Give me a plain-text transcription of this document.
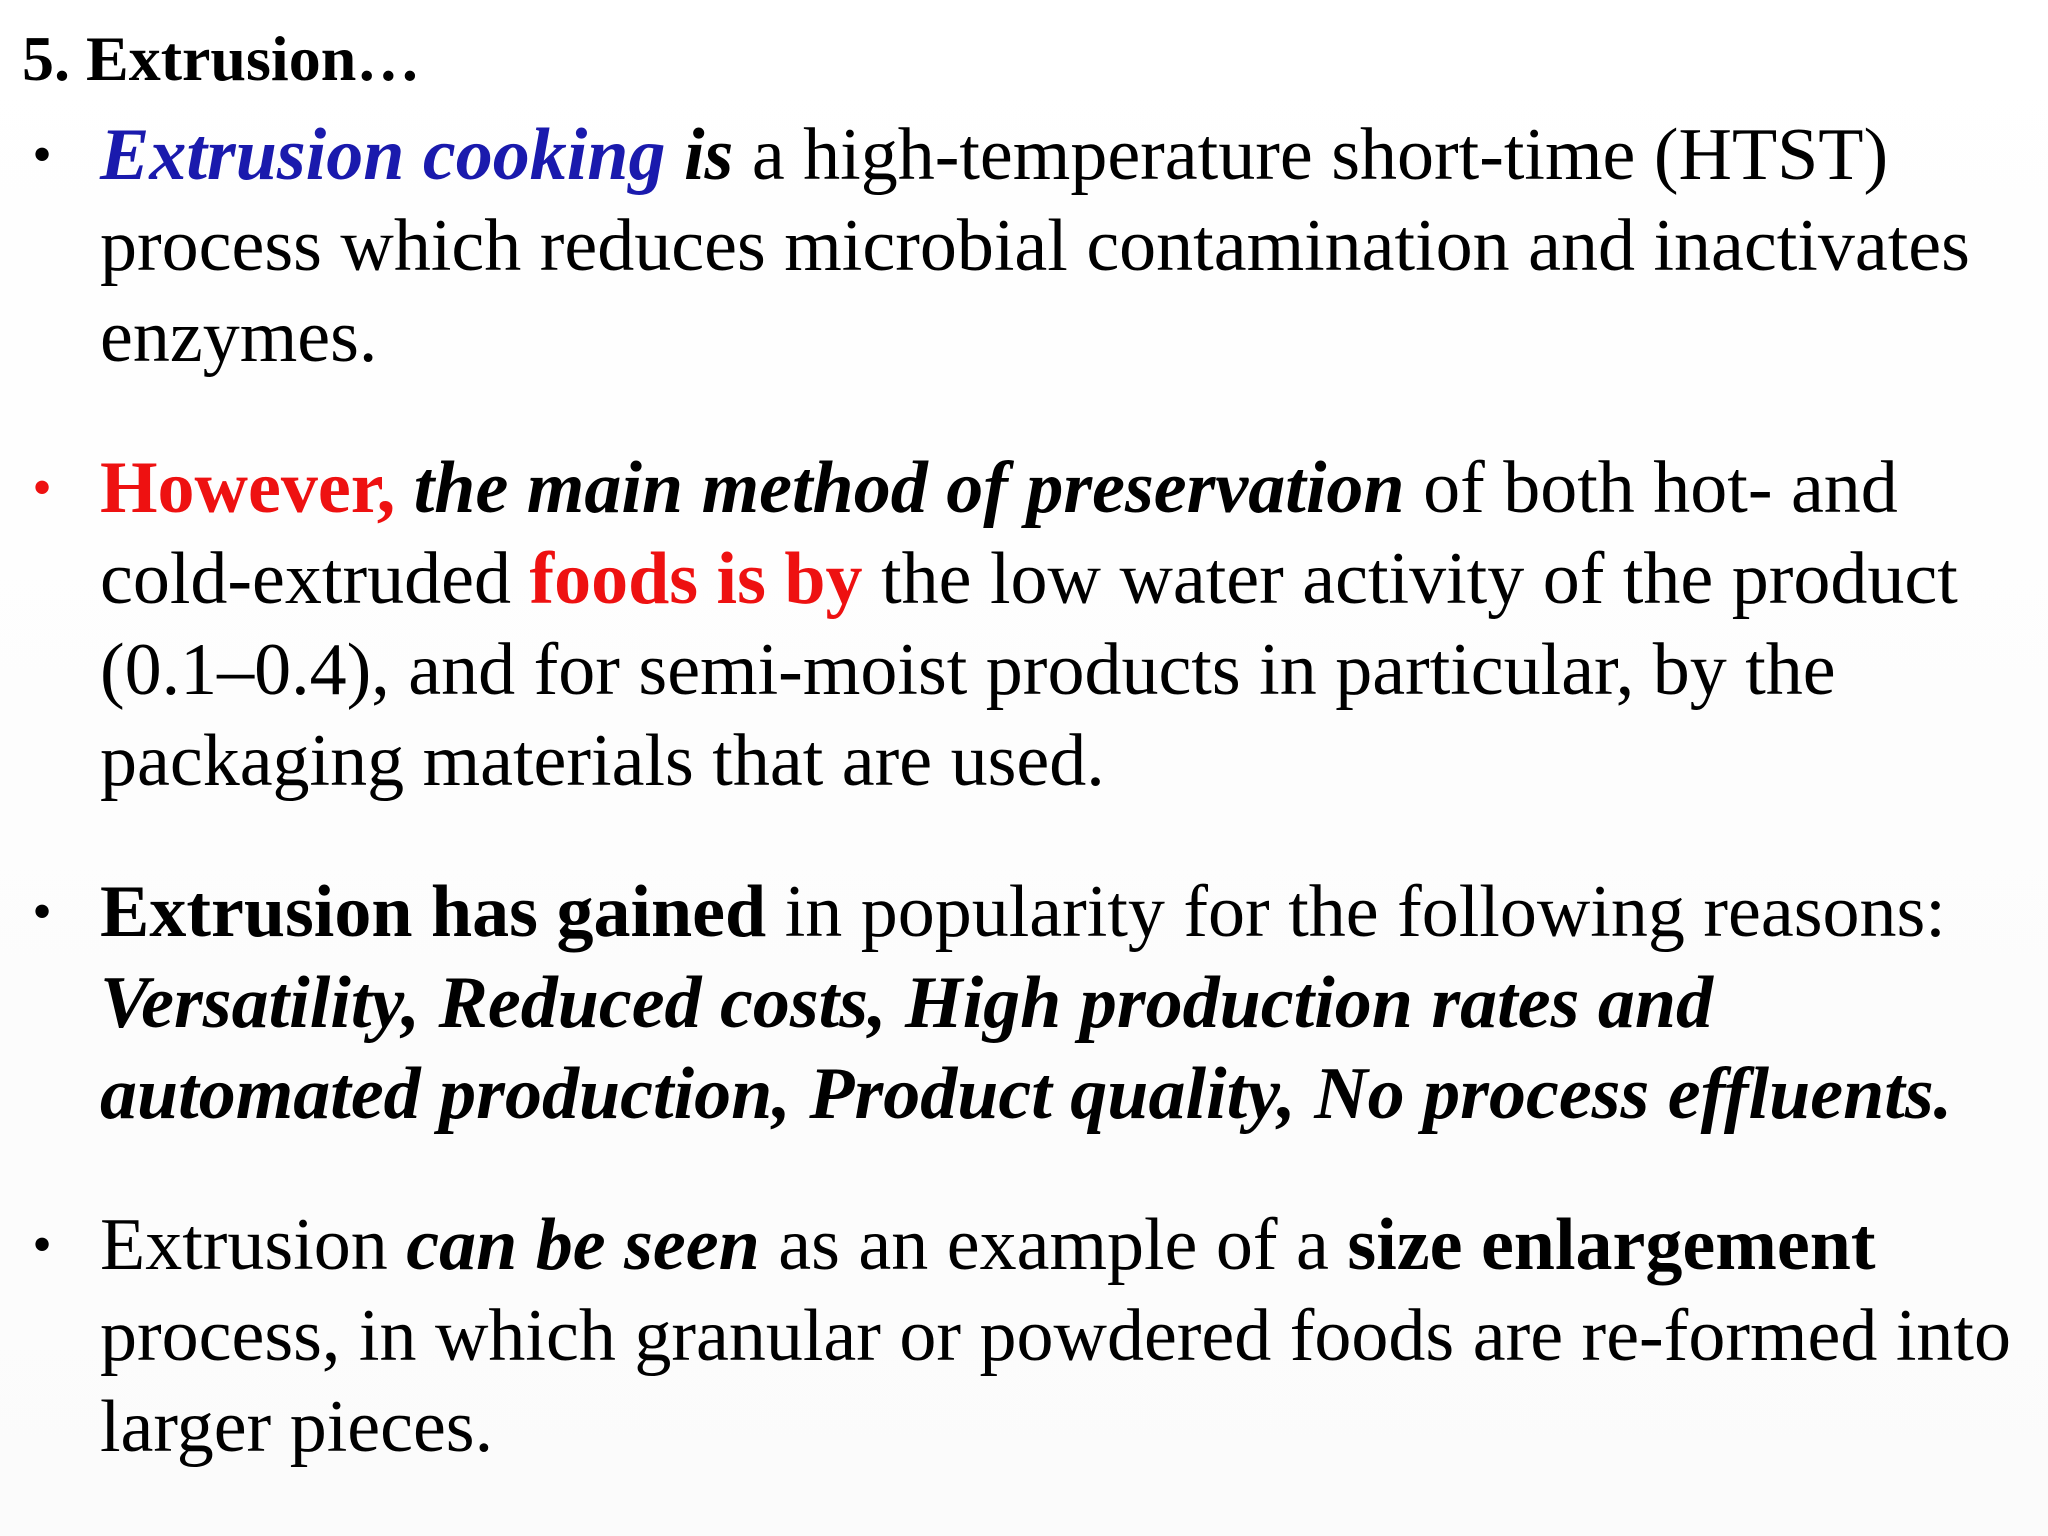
5. Extrusion…
• Extrusion cooking is a high-temperature short-time (HTST) process which reduces microbial contamination and inactivates enzymes.
• However, the main method of preservation of both hot- and cold-extruded foods is by the low water activity of the product (0.1–0.4), and for semi-moist products in particular, by the packaging materials that are used.
• Extrusion has gained in popularity for the following reasons: Versatility, Reduced costs, High production rates and automated production, Product quality, No process effluents.
• Extrusion can be seen as an example of a size enlargement process, in which granular or powdered foods are re-formed into larger pieces.
